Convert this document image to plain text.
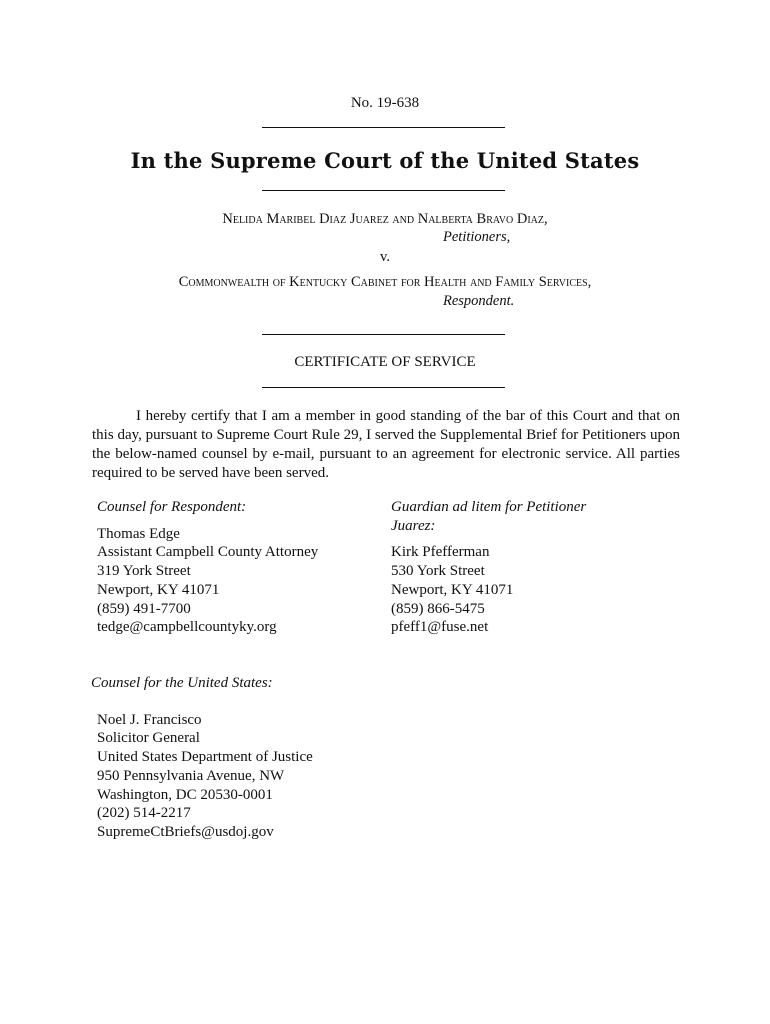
No. 19-638
In the Supreme Court of the United States
Nelida Maribel Diaz Juarez and Nalberta Bravo Diaz,
Petitioners,
v.
Commonwealth of Kentucky Cabinet for Health and Family Services,
Respondent.
CERTIFICATE OF SERVICE
I hereby certify that I am a member in good standing of the bar of this Court and that on this day, pursuant to Supreme Court Rule 29, I served the Supplemental Brief for Petitioners upon the below-named counsel by e-mail, pursuant to an agreement for electronic service. All parties required to be served have been served.
Counsel for Respondent:
Thomas Edge
Assistant Campbell County Attorney
319 York Street
Newport, KY 41071
(859) 491-7700
tedge@campbellcountyky.org
Guardian ad litem for Petitioner
Juarez:
Kirk Pfefferman
530 York Street
Newport, KY 41071
(859) 866-5475
pfeff1@fuse.net
Counsel for the United States:
Noel J. Francisco
Solicitor General
United States Department of Justice
950 Pennsylvania Avenue, NW
Washington, DC 20530-0001
(202) 514-2217
SupremeCtBriefs@usdoj.gov
